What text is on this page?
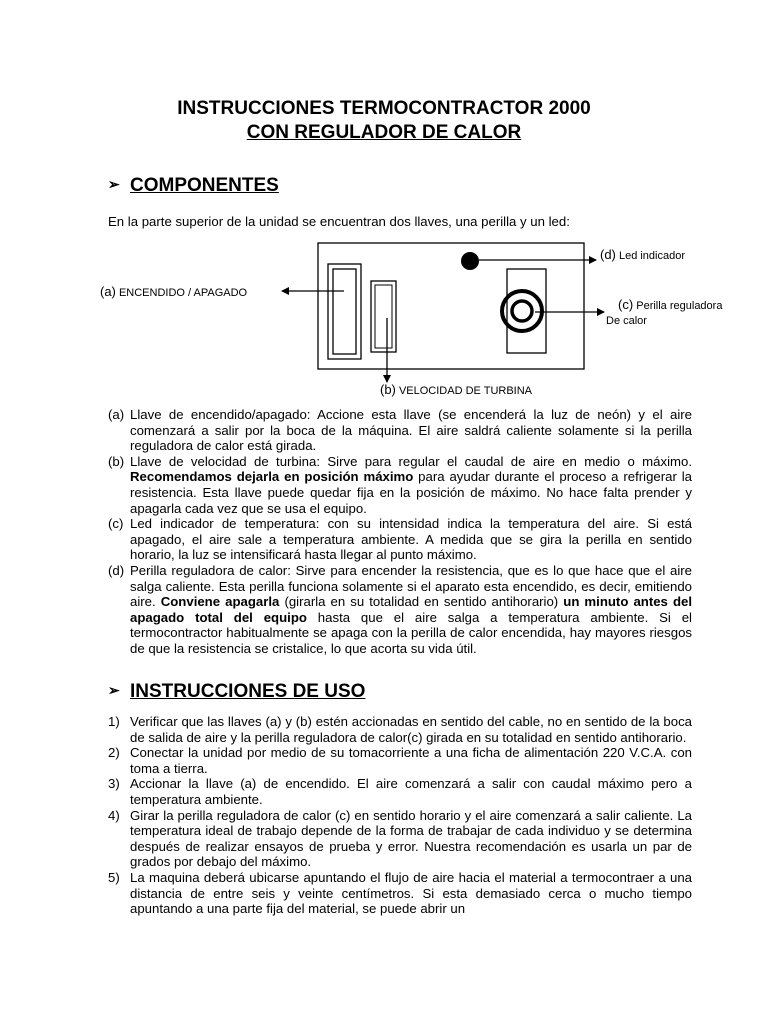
INSTRUCCIONES TERMOCONTRACTOR 2000
CON REGULADOR DE CALOR
➢ COMPONENTES
En la parte superior de la unidad se encuentran dos llaves, una perilla y un led:
(a) ENCENDIDO / APAGADO
(b) VELOCIDAD DE TURBINA
(d) Led indicador
(c) Perilla reguladora
De calor
(a) Llave de encendido/apagado: Accione esta llave (se encenderá la luz de neón) y el aire comenzará a salir por la boca de la máquina. El aire saldrá caliente solamente si la perilla reguladora de calor está girada.
(b) Llave de velocidad de turbina: Sirve para regular el caudal de aire en medio o máximo. Recomendamos dejarla en posición máximo para ayudar durante el proceso a refrigerar la resistencia. Esta llave puede quedar fija en la posición de máximo. No hace falta prender y apagarla cada vez que se usa el equipo.
(c) Led indicador de temperatura: con su intensidad indica la temperatura del aire. Si está apagado, el aire sale a temperatura ambiente. A medida que se gira la perilla en sentido horario, la luz se intensificará hasta llegar al punto máximo.
(d) Perilla reguladora de calor: Sirve para encender la resistencia, que es lo que hace que el aire salga caliente. Esta perilla funciona solamente si el aparato esta encendido, es decir, emitiendo aire. Conviene apagarla (girarla en su totalidad en sentido antihorario) un minuto antes del apagado total del equipo hasta que el aire salga a temperatura ambiente. Si el termocontractor habitualmente se apaga con la perilla de calor encendida, hay mayores riesgos de que la resistencia se cristalice, lo que acorta su vida útil.
➢ INSTRUCCIONES DE USO
1) Verificar que las llaves (a) y (b) estén accionadas en sentido del cable, no en sentido de la boca de salida de aire y la perilla reguladora de calor(c) girada en su totalidad en sentido antihorario.
2) Conectar la unidad por medio de su tomacorriente a una ficha de alimentación 220 V.C.A. con toma a tierra.
3) Accionar la llave (a) de encendido. El aire comenzará a salir con caudal máximo pero a temperatura ambiente.
4) Girar la perilla reguladora de calor (c) en sentido horario y el aire comenzará a salir caliente. La temperatura ideal de trabajo depende de la forma de trabajar de cada individuo y se determina después de realizar ensayos de prueba y error. Nuestra recomendación es usarla un par de grados por debajo del máximo.
5) La maquina deberá ubicarse apuntando el flujo de aire hacia el material a termocontraer a una distancia de entre seis y veinte centímetros. Si esta demasiado cerca o mucho tiempo apuntando a una parte fija del material, se puede abrir un
